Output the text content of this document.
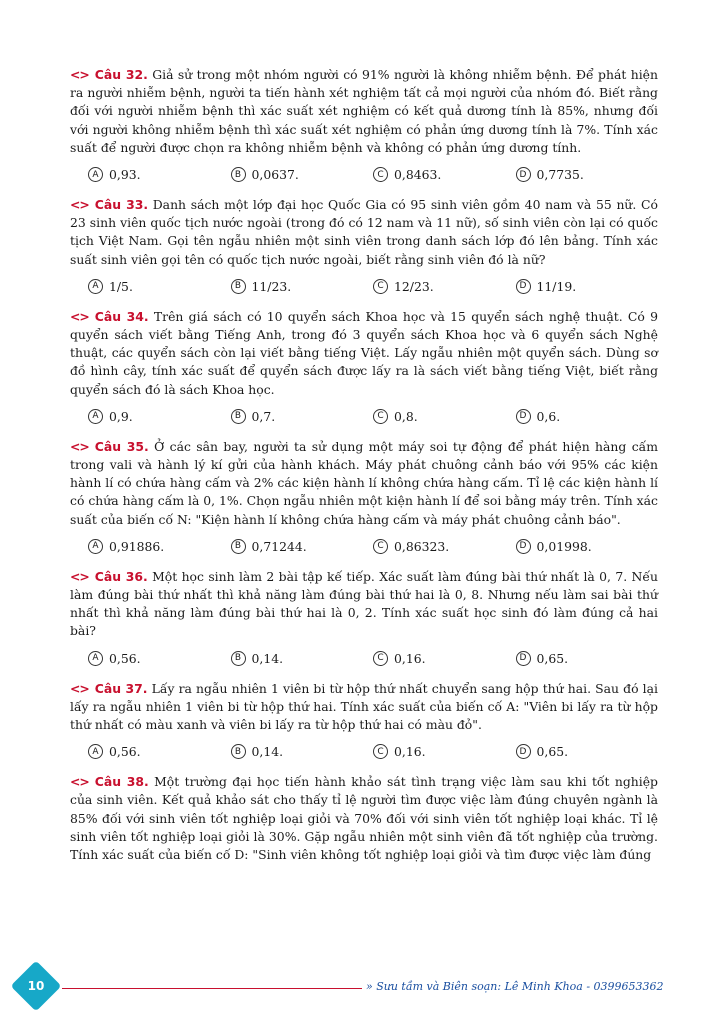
<> Câu 32. Giả sử trong một nhóm người có 91% người là không nhiễm bệnh. Để phát hiện ra người nhiễm bệnh, người ta tiến hành xét nghiệm tất cả mọi người của nhóm đó. Biết rằng đối với người nhiễm bệnh thì xác suất xét nghiệm có kết quả dương tính là 85%, nhưng đối với người không nhiễm bệnh thì xác suất xét nghiệm có phản ứng dương tính là 7%. Tính xác suất để người được chọn ra không nhiễm bệnh và không có phản ứng dương tính.

A 0,93.	B 0,0637.	C 0,8463.	D 0,7735.

<> Câu 33. Danh sách một lớp đại học Quốc Gia có 95 sinh viên gồm 40 nam và 55 nữ. Có 23 sinh viên quốc tịch nước ngoài (trong đó có 12 nam và 11 nữ), số sinh viên còn lại có quốc tịch Việt Nam. Gọi tên ngẫu nhiên một sinh viên trong danh sách lớp đó lên bảng. Tính xác suất sinh viên gọi tên có quốc tịch nước ngoài, biết rằng sinh viên đó là nữ?

A 1/5.	B 11/23.	C 12/23.	D 11/19.

<> Câu 34. Trên giá sách có 10 quyển sách Khoa học và 15 quyển sách nghệ thuật. Có 9 quyển sách viết bằng Tiếng Anh, trong đó 3 quyển sách Khoa học và 6 quyển sách Nghệ thuật, các quyển sách còn lại viết bằng tiếng Việt. Lấy ngẫu nhiên một quyển sách. Dùng sơ đồ hình cây, tính xác suất để quyển sách được lấy ra là sách viết bằng tiếng Việt, biết rằng quyển sách đó là sách Khoa học.

A 0,9.	B 0,7.	C 0,8.	D 0,6.

<> Câu 35. Ở các sân bay, người ta sử dụng một máy soi tự động để phát hiện hàng cấm trong vali và hành lý kí gửi của hành khách. Máy phát chuông cảnh báo với 95% các kiện hành lí có chứa hàng cấm và 2% các kiện hành lí không chứa hàng cấm. Tỉ lệ các kiện hành lí có chứa hàng cấm là 0, 1%. Chọn ngẫu nhiên một kiện hành lí để soi bằng máy trên. Tính xác suất của biến cố N: "Kiện hành lí không chứa hàng cấm và máy phát chuông cảnh báo".

A 0,91886.	B 0,71244.	C 0,86323.	D 0,01998.

<> Câu 36. Một học sinh làm 2 bài tập kế tiếp. Xác suất làm đúng bài thứ nhất là 0, 7. Nếu làm đúng bài thứ nhất thì khả năng làm đúng bài thứ hai là 0, 8. Nhưng nếu làm sai bài thứ nhất thì khả năng làm đúng bài thứ hai là 0, 2. Tính xác suất học sinh đó làm đúng cả hai bài?

A 0,56.	B 0,14.	C 0,16.	D 0,65.

<> Câu 37. Lấy ra ngẫu nhiên 1 viên bi từ hộp thứ nhất chuyển sang hộp thứ hai. Sau đó lại lấy ra ngẫu nhiên 1 viên bi từ hộp thứ hai. Tính xác suất của biến cố A: "Viên bi lấy ra từ hộp thứ nhất có màu xanh và viên bi lấy ra từ hộp thứ hai có màu đỏ".

A 0,56.	B 0,14.	C 0,16.	D 0,65.

<> Câu 38. Một trường đại học tiến hành khảo sát tình trạng việc làm sau khi tốt nghiệp của sinh viên. Kết quả khảo sát cho thấy tỉ lệ người tìm được việc làm đúng chuyên ngành là 85% đối với sinh viên tốt nghiệp loại giỏi và 70% đối với sinh viên tốt nghiệp loại khác. Tỉ lệ sinh viên tốt nghiệp loại giỏi là 30%. Gặp ngẫu nhiên một sinh viên đã tốt nghiệp của trường. Tính xác suất của biến cố D: "Sinh viên không tốt nghiệp loại giỏi và tìm được việc làm đúng

10	» Sưu tầm và Biên soạn: Lê Minh Khoa - 0399653362
